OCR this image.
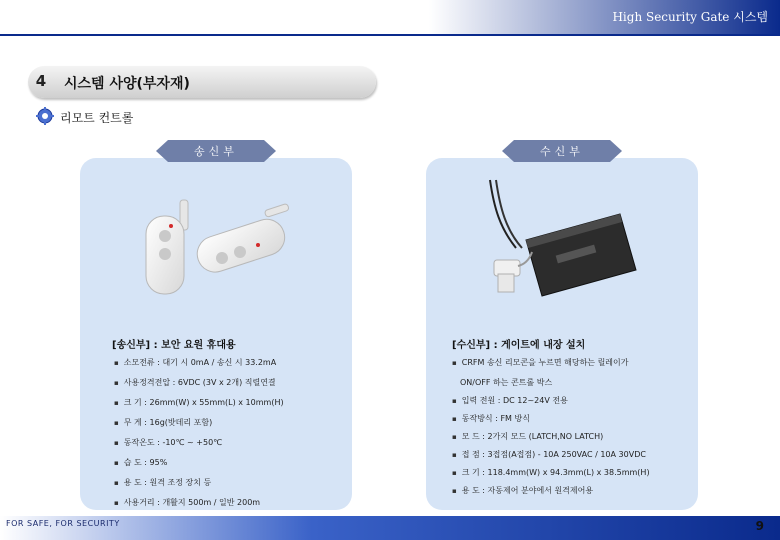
High Security Gate 시스템
4 시스템 사양(부자재)
리모트 컨트롤
송신부
[송신부] : 보안 요원 휴대용
▪ 소모전류 : 대기 시 0mA / 송신 시 33.2mA
▪ 사용정격전압 : 6VDC (3V x 2개) 직렬연결
▪ 크 기 : 26mm(W) x 55mm(L) x 10mm(H)
▪ 무 게 : 16g(밧데리 포함)
▪ 동작온도 : -10℃ ~ +50℃
▪ 습 도 : 95%
▪ 용 도 : 원격 조정 장치 등
▪ 사용거리 : 개활지 500m / 일반 200m
수신부
[수신부] : 게이트에 내장 설치
▪ CRFM 송신 리모콘을 누르면 해당하는 릴레이가
ON/OFF 하는 콘트롤 박스
▪ 입력 전원 : DC 12~24V 전용
▪ 동작방식 : FM 방식
▪ 모 드 : 2가지 모드 (LATCH,NO LATCH)
▪ 접 점 : 3접점(A접점) - 10A 250VAC / 10A 30VDC
▪ 크 기 : 118.4mm(W) x 94.3mm(L) x 38.5mm(H)
▪ 용 도 : 자동제어 분야에서 원격제어용
FOR SAFE, FOR SECURITY	9
